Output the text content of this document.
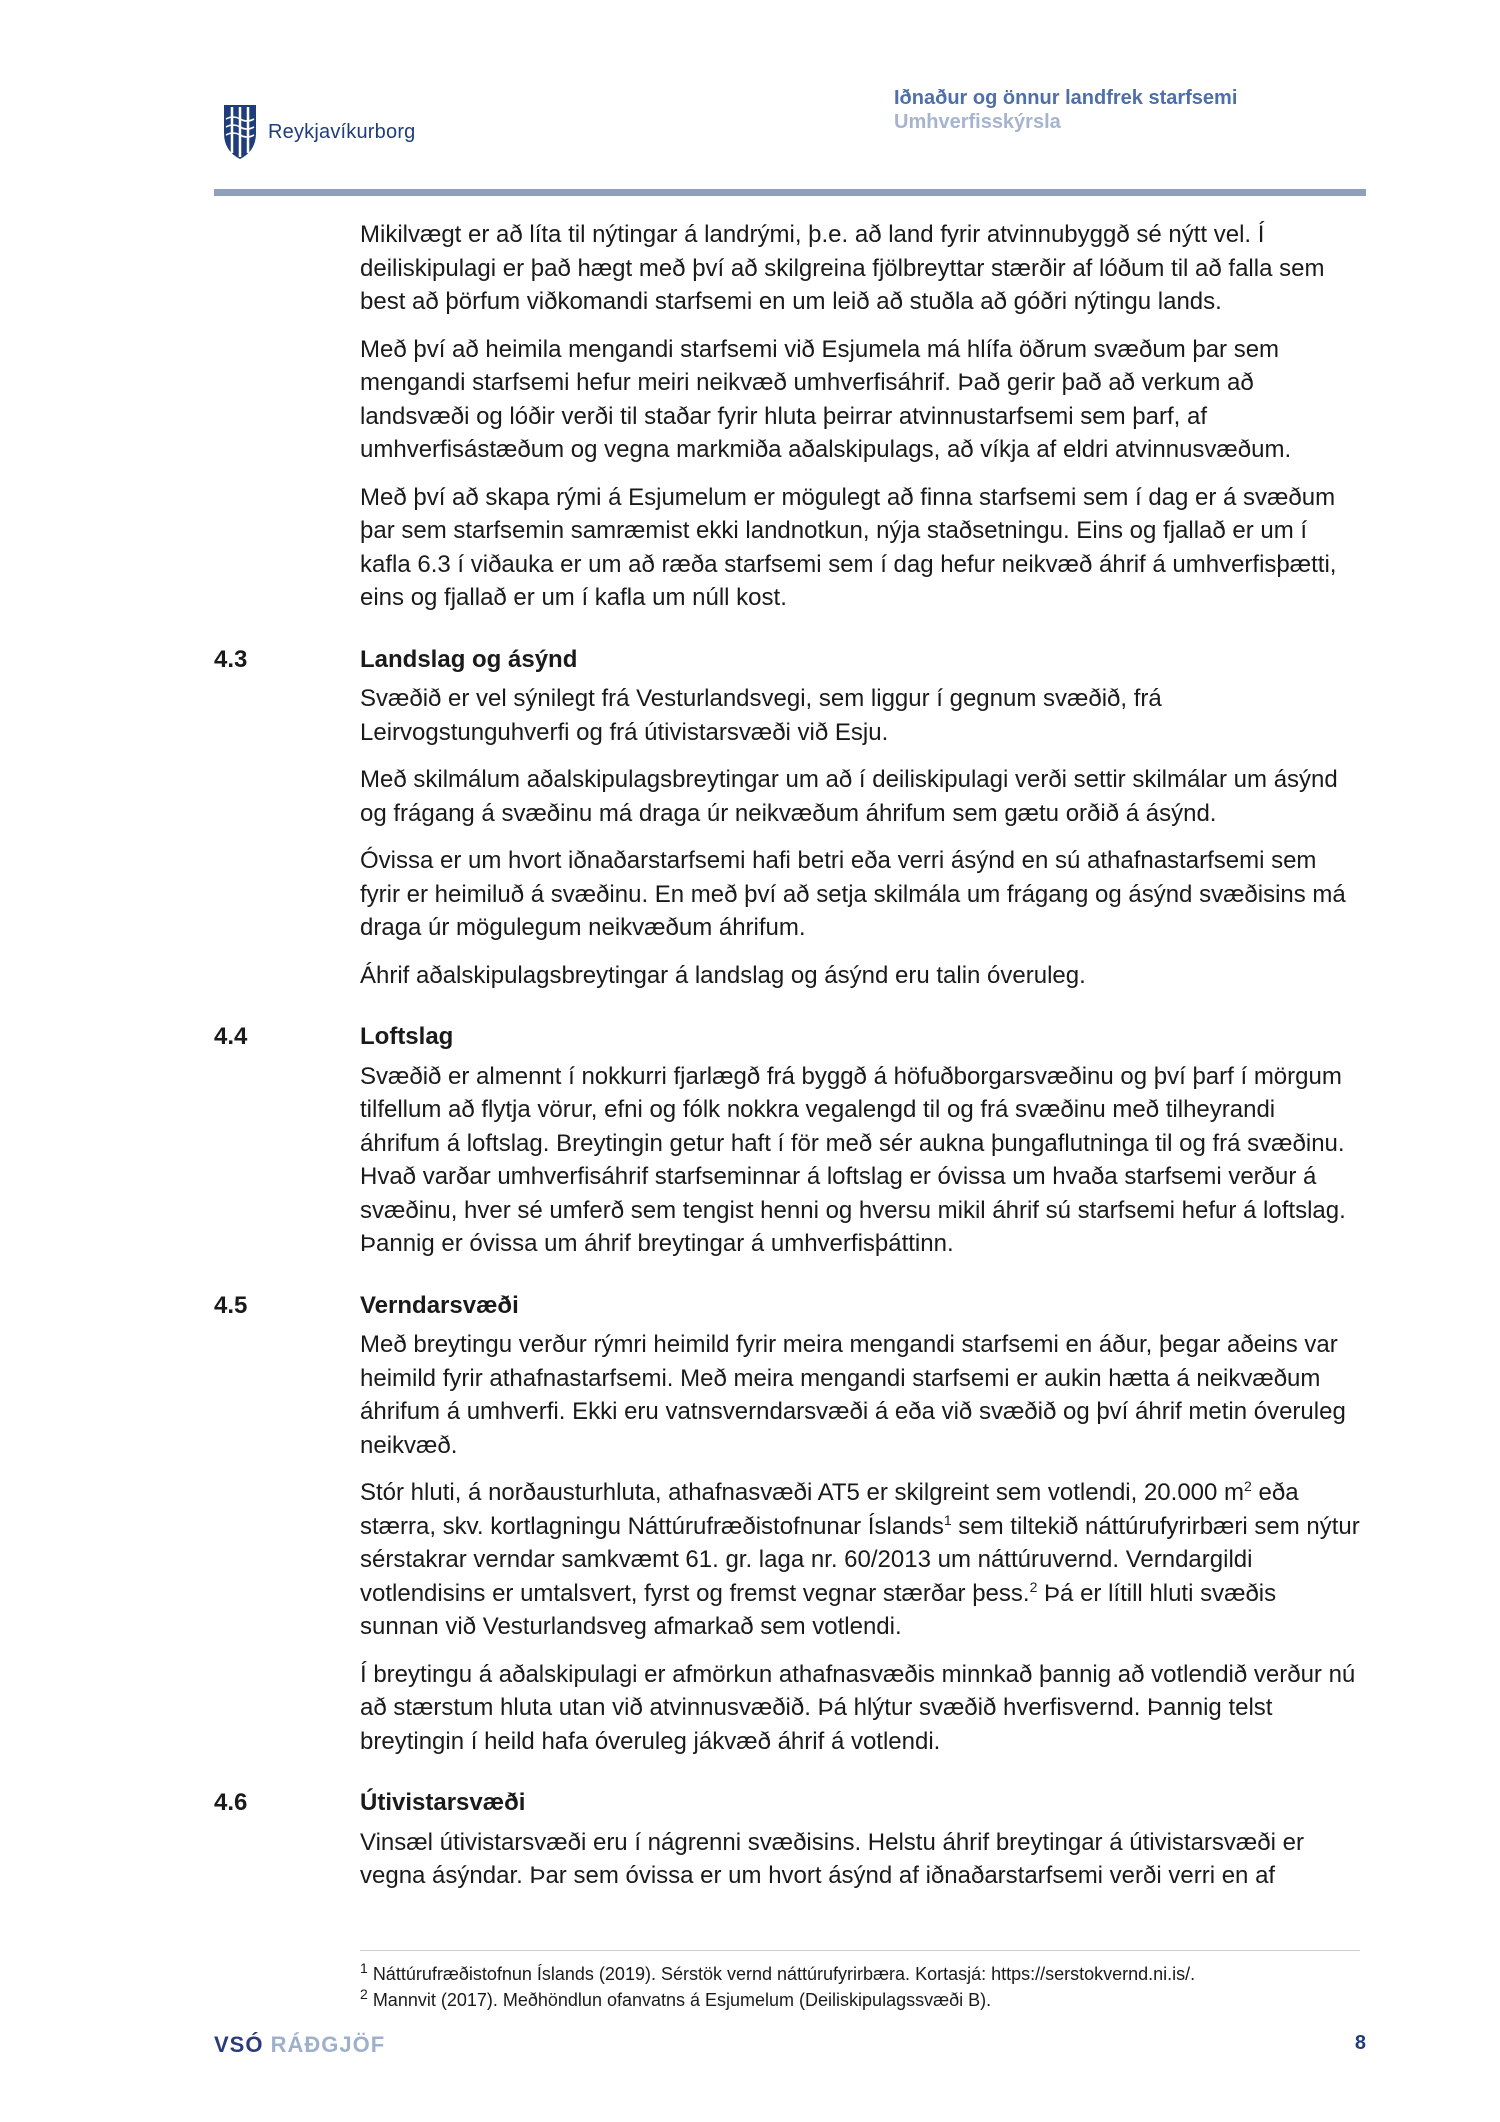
Reykjavíkurborg

Iðnaður og önnur landfrek starfsemi

Umhverfisskýrsla

Mikilvægt er að líta til nýtingar á landrými, þ.e. að land fyrir atvinnubyggð sé nýtt vel. Í deiliskipulagi er það hægt með því að skilgreina fjölbreyttar stærðir af lóðum til að falla sem best að þörfum viðkomandi starfsemi en um leið að stuðla að góðri nýtingu lands.

Með því að heimila mengandi starfsemi við Esjumela má hlífa öðrum svæðum þar sem mengandi starfsemi hefur meiri neikvæð umhverfisáhrif. Það gerir það að verkum að landsvæði og lóðir verði til staðar fyrir hluta þeirrar atvinnustarfsemi sem þarf, af umhverfisástæðum og vegna markmiða aðalskipulags, að víkja af eldri atvinnusvæðum.

Með því að skapa rými á Esjumelum er mögulegt að finna starfsemi sem í dag er á svæðum þar sem starfsemin samræmist ekki landnotkun, nýja staðsetningu. Eins og fjallað er um í kafla 6.3 í viðauka er um að ræða starfsemi sem í dag hefur neikvæð áhrif á umhverfisþætti, eins og fjallað er um í kafla um núll kost.

4.3	Landslag og ásýnd

Svæðið er vel sýnilegt frá Vesturlandsvegi, sem liggur í gegnum svæðið, frá Leirvogstunguhverfi og frá útivistarsvæði við Esju.

Með skilmálum aðalskipulagsbreytingar um að í deiliskipulagi verði settir skilmálar um ásýnd og frágang á svæðinu má draga úr neikvæðum áhrifum sem gætu orðið á ásýnd.

Óvissa er um hvort iðnaðarstarfsemi hafi betri eða verri ásýnd en sú athafnastarfsemi sem fyrir er heimiluð á svæðinu. En með því að setja skilmála um frágang og ásýnd svæðisins má draga úr mögulegum neikvæðum áhrifum.

Áhrif aðalskipulagsbreytingar á landslag og ásýnd eru talin óveruleg.

4.4	Loftslag

Svæðið er almennt í nokkurri fjarlægð frá byggð á höfuðborgarsvæðinu og því þarf í mörgum tilfellum að flytja vörur, efni og fólk nokkra vegalengd til og frá svæðinu með tilheyrandi áhrifum á loftslag. Breytingin getur haft í för með sér aukna þungaflutninga til og frá svæðinu. Hvað varðar umhverfisáhrif starfseminnar á loftslag er óvissa um hvaða starfsemi verður á svæðinu, hver sé umferð sem tengist henni og hversu mikil áhrif sú starfsemi hefur á loftslag. Þannig er óvissa um áhrif breytingar á umhverfisþáttinn.

4.5	Verndarsvæði

Með breytingu verður rýmri heimild fyrir meira mengandi starfsemi en áður, þegar aðeins var heimild fyrir athafnastarfsemi. Með meira mengandi starfsemi er aukin hætta á neikvæðum áhrifum á umhverfi. Ekki eru vatnsverndarsvæði á eða við svæðið og því áhrif metin óveruleg neikvæð.

Stór hluti, á norðausturhluta, athafnasvæði AT5 er skilgreint sem votlendi, 20.000 $m^2$ eða stærra, skv. kortlagningu Náttúrufræðistofnunar Íslands$^1$ sem tiltekið náttúrufyrirbæri sem nýtur sérstakrar verndar samkvæmt 61. gr. laga nr. 60/2013 um náttúruvernd. Verndargildi votlendisins er umtalsvert, fyrst og fremst vegnar stærðar þess.$^2$ Þá er lítill hluti svæðis sunnan við Vesturlandsveg afmarkað sem votlendi.

Í breytingu á aðalskipulagi er afmörkun athafnasvæðis minnkað þannig að votlendið verður nú að stærstum hluta utan við atvinnusvæðið. Þá hlýtur svæðið hverfisvernd. Þannig telst breytingin í heild hafa óveruleg jákvæð áhrif á votlendi.

4.6	Útivistarsvæði

Vinsæl útivistarsvæði eru í nágrenni svæðisins. Helstu áhrif breytingar á útivistarsvæði er vegna ásýndar. Þar sem óvissa er um hvort ásýnd af iðnaðarstarfsemi verði verri en af

$^1$ Náttúrufræðistofnun Íslands (2019). Sérstök vernd náttúrufyrirbæra. Kortasjá: https://serstokvernd.ni.is/.

$^2$ Mannvit (2017). Meðhöndlun ofanvatns á Esjumelum (Deiliskipulagssvæði B).

VSÓ RÁÐGJÖF	8
